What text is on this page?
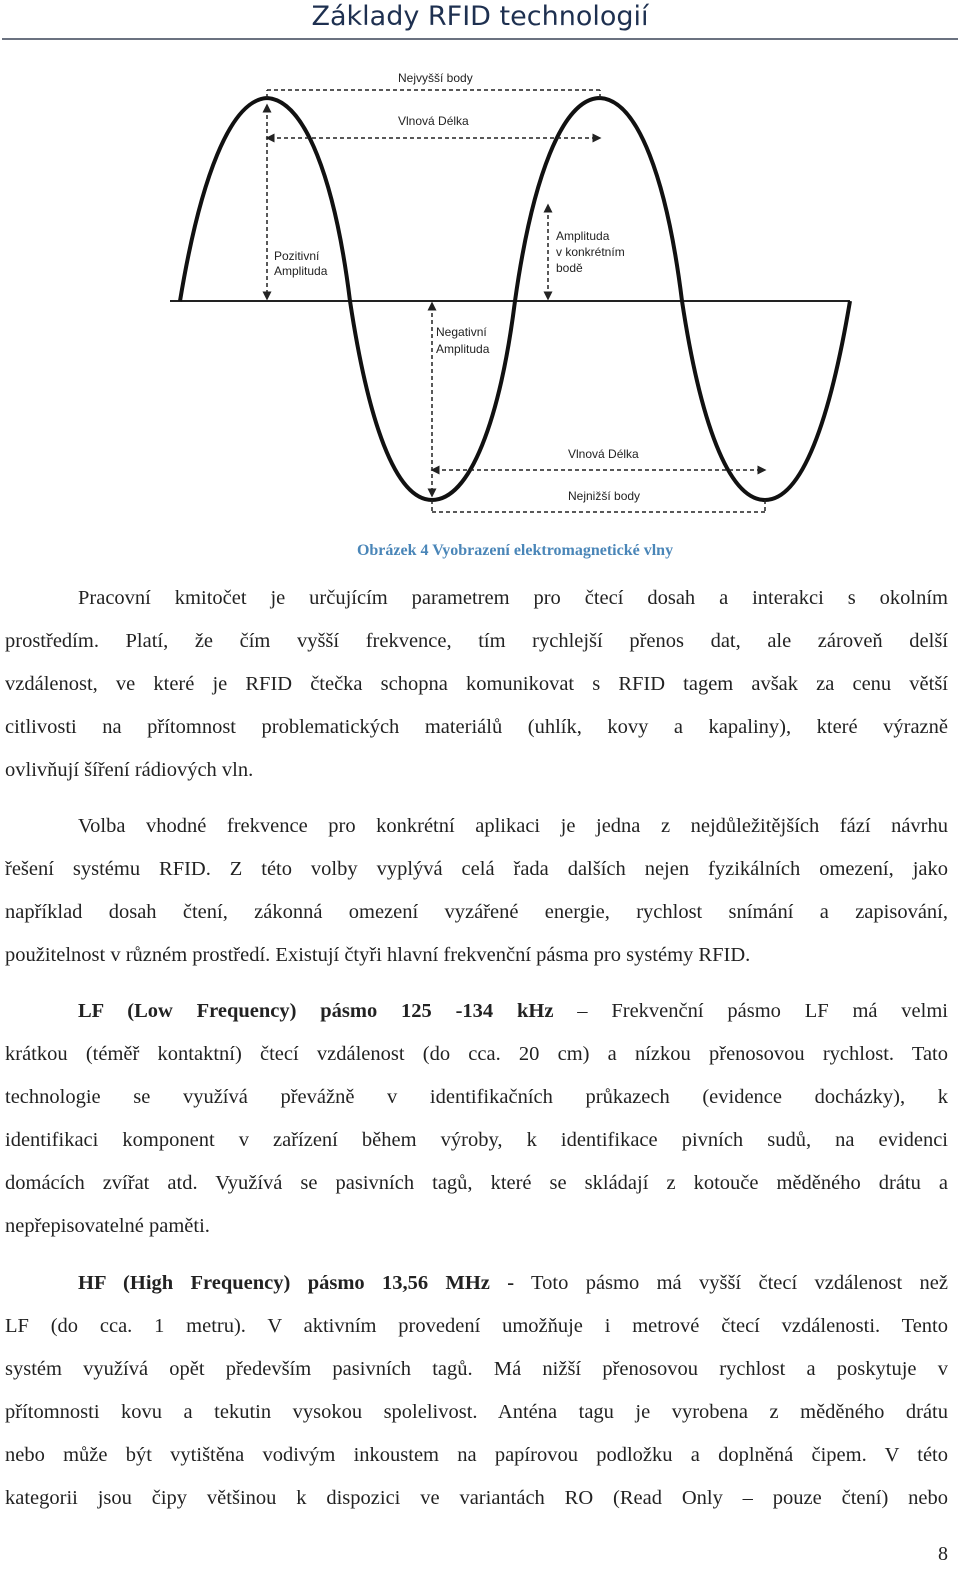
Základy RFID technologií
Nejvyšší body
Vlnová Délka
Pozitivní
Amplituda
Amplituda
v konkrétním
bodě
Negativní
Amplituda
Vlnová Délka
Nejnižší body
Obrázek 4 Vyobrazení elektromagnetické vlny
Pracovní kmitočet je určujícím parametrem pro čtecí dosah a interakci s okolním
prostředím. Platí, že čím vyšší frekvence, tím rychlejší přenos dat, ale zároveň delší
vzdálenost, ve které je RFID čtečka schopna komunikovat s RFID tagem avšak za cenu větší
citlivosti na přítomnost problematických materiálů (uhlík, kovy a kapaliny), které výrazně
ovlivňují šíření rádiových vln.
Volba vhodné frekvence pro konkrétní aplikaci je jedna z nejdůležitějších fází návrhu
řešení systému RFID. Z této volby vyplývá celá řada dalších nejen fyzikálních omezení, jako
například dosah čtení, zákonná omezení vyzářené energie, rychlost snímání a zapisování,
použitelnost v různém prostředí. Existují čtyři hlavní frekvenční pásma pro systémy RFID.
LF (Low Frequency) pásmo 125 -134 kHz – Frekvenční pásmo LF má velmi
krátkou (téměř kontaktní) čtecí vzdálenost (do cca. 20 cm) a nízkou přenosovou rychlost. Tato
technologie se využívá převážně v identifikačních průkazech (evidence docházky), k
identifikaci komponent v zařízení během výroby, k identifikace pivních sudů, na evidenci
domácích zvířat atd. Využívá se pasivních tagů, které se skládají z kotouče měděného drátu a
nepřepisovatelné paměti.
HF (High Frequency) pásmo 13,56 MHz - Toto pásmo má vyšší čtecí vzdálenost než
LF (do cca. 1 metru). V aktivním provedení umožňuje i metrové čtecí vzdálenosti. Tento
systém využívá opět především pasivních tagů. Má nižší přenosovou rychlost a poskytuje v
přítomnosti kovu a tekutin vysokou spolelivost. Anténa tagu je vyrobena z měděného drátu
nebo může být vytištěna vodivým inkoustem na papírovou podložku a doplněná čipem. V této
kategorii jsou čipy většinou k dispozici ve variantách RO (Read Only – pouze čtení) nebo
8
